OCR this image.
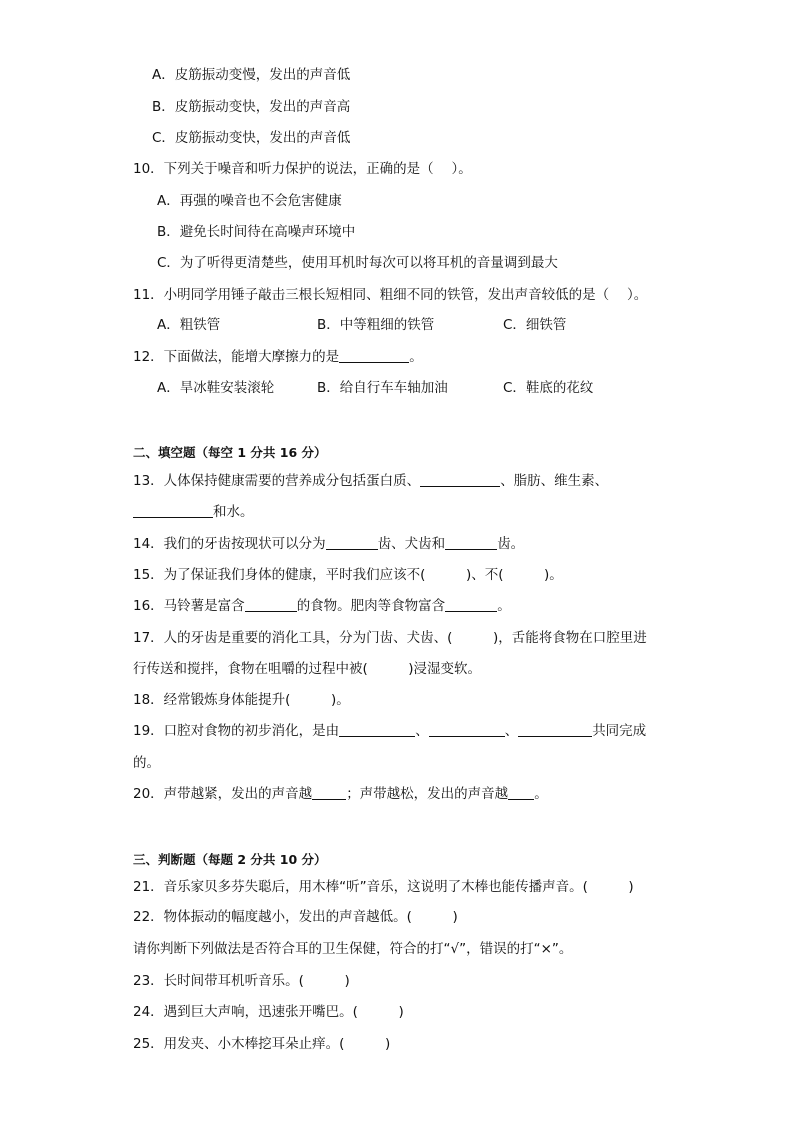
A．皮筋振动变慢，发出的声音低
B．皮筋振动变快，发出的声音高
C．皮筋振动变快，发出的声音低
10．下列关于噪音和听力保护的说法，正确的是（　 ）。
A．再强的噪音也不会危害健康
B．避免长时间待在高噪声环境中
C．为了听得更清楚些，使用耳机时每次可以将耳机的音量调到最大
11．小明同学用锤子敲击三根长短相同、粗细不同的铁管，发出声音较低的是（　 ）。
A．粗铁管	B．中等粗细的铁管	C．细铁管
12．下面做法，能增大摩擦力的是	。
A．旱冰鞋安装滚轮	B．给自行车车轴加油	C．鞋底的花纹
二、填空题（每空 1 分共 16 分）
13．人体保持健康需要的营养成分包括蛋白质、	、脂肪、维生素、
和水。
14．我们的牙齿按现状可以分为	齿、犬齿和	齿。
15．为了保证我们身体的健康，平时我们应该不(　　　)、不(　　　)。
16．马铃薯是富含	的食物。肥肉等食物富含	。
17．人的牙齿是重要的消化工具，分为门齿、犬齿、(　　　)，舌能将食物在口腔里进
行传送和搅拌，食物在咀嚼的过程中被(　　　)浸湿变软。
18．经常锻炼身体能提升(　　　)。
19．口腔对食物的初步消化，是由	、	、	共同完成
的。
20．声带越紧，发出的声音越	；声带越松，发出的声音越 。
三、判断题（每题 2 分共 10 分）
21．音乐家贝多芬失聪后，用木棒“听”音乐，这说明了木棒也能传播声音。(　　　)
22．物体振动的幅度越小，发出的声音越低。(　　　)
请你判断下列做法是否符合耳的卫生保健，符合的打“√”，错误的打“×”。
23．长时间带耳机听音乐。(　　　)
24．遇到巨大声响，迅速张开嘴巴。(　　　)
25．用发夹、小木棒挖耳朵止痒。(　　　)
